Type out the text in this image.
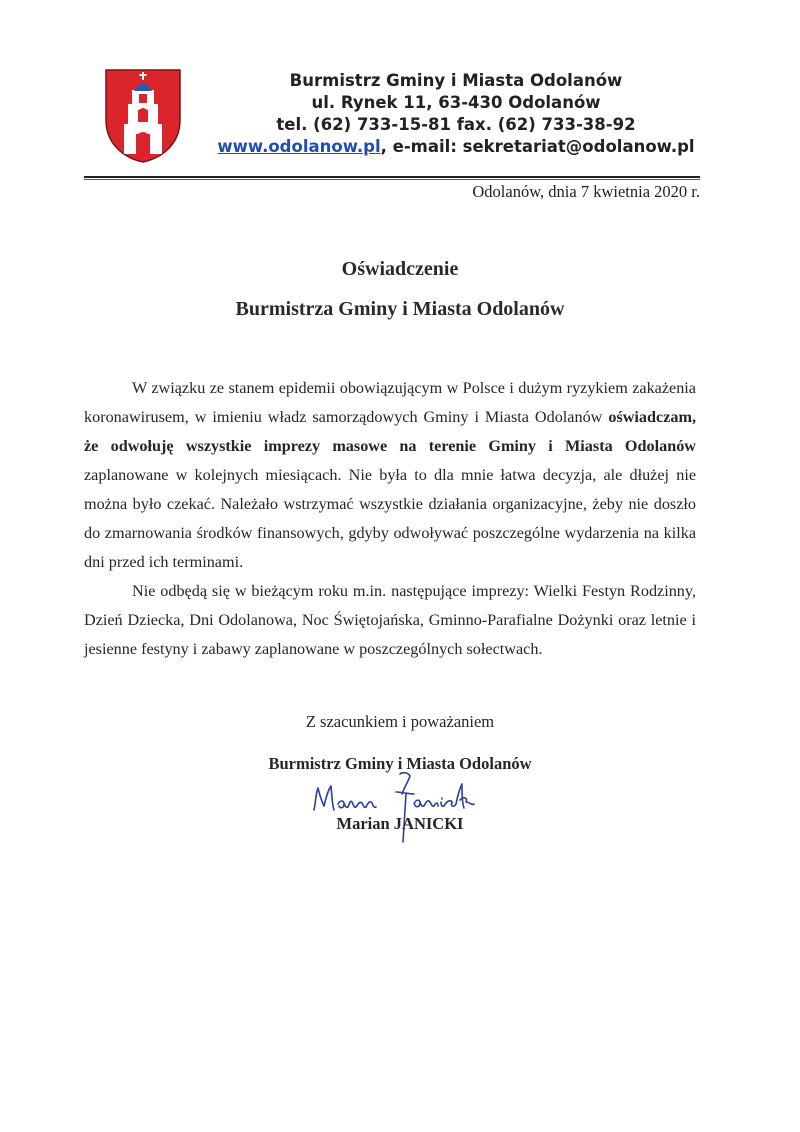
Burmistrz Gminy i Miasta Odolanów
ul. Rynek 11, 63-430 Odolanów
tel. (62) 733-15-81 fax. (62) 733-38-92
www.odolanow.pl, e-mail: sekretariat@odolanow.pl
Odolanów, dnia 7 kwietnia 2020 r.
Oświadczenie
Burmistrza Gminy i Miasta Odolanów

W związku ze stanem epidemii obowiązującym w Polsce i dużym ryzykiem zakażenia koronawirusem, w imieniu władz samorządowych Gminy i Miasta Odolanów oświadczam, że odwołuję wszystkie imprezy masowe na terenie Gminy i Miasta Odolanów zaplanowane w kolejnych miesiącach. Nie była to dla mnie łatwa decyzja, ale dłużej nie można było czekać. Należało wstrzymać wszystkie działania organizacyjne, żeby nie doszło do zmarnowania środków finansowych, gdyby odwoływać poszczególne wydarzenia na kilka dni przed ich terminami.

Nie odbędą się w bieżącym roku m.in. następujące imprezy: Wielki Festyn Rodzinny, Dzień Dziecka, Dni Odolanowa, Noc Świętojańska, Gminno-Parafialne Dożynki oraz letnie i jesienne festyny i zabawy zaplanowane w poszczególnych sołectwach.

Z szacunkiem i poważaniem
Burmistrz Gminy i Miasta Odolanów
Marian JANICKI
